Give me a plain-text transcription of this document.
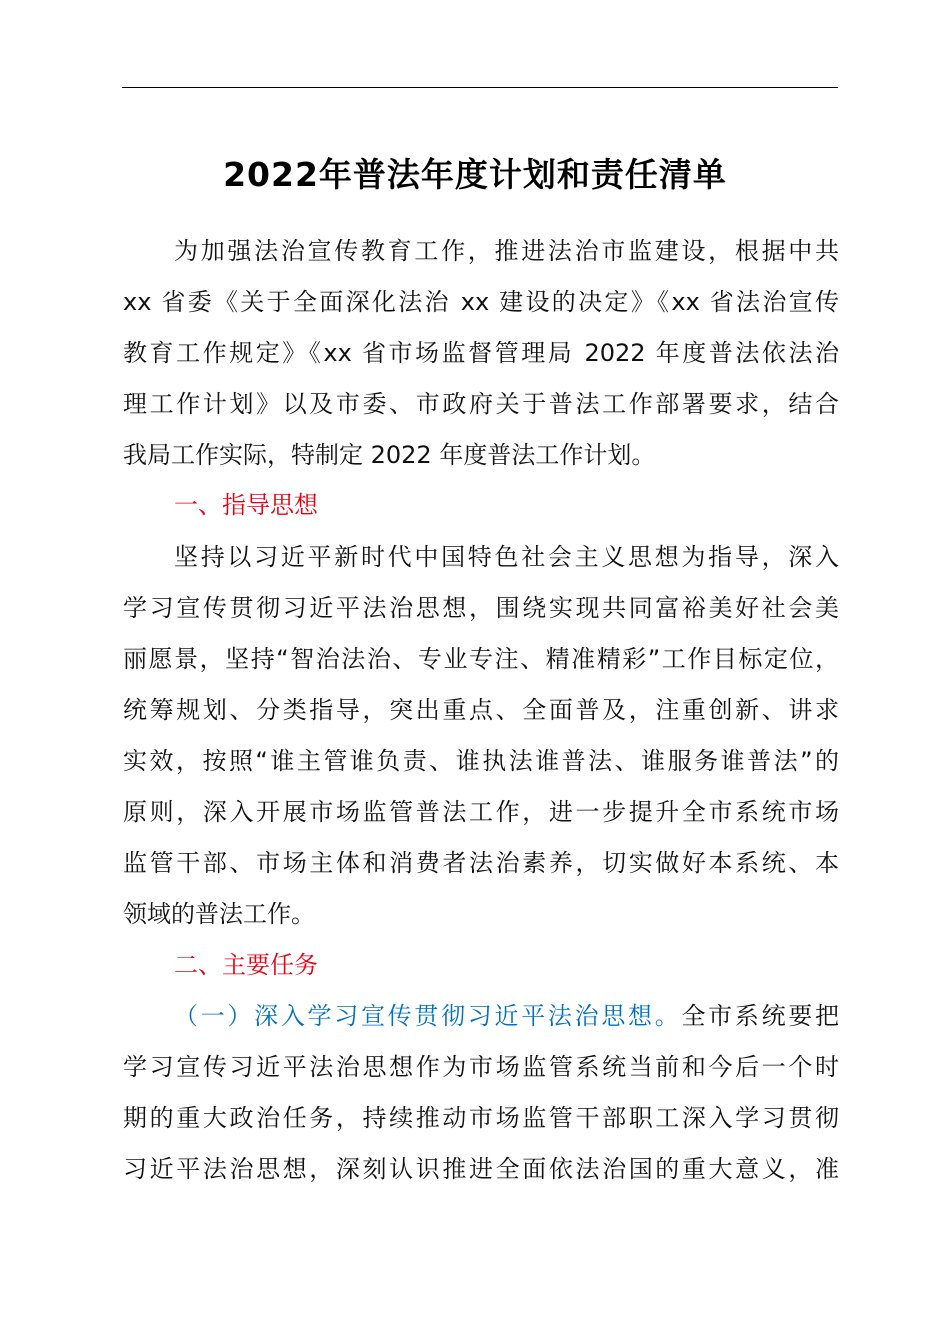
2022年普法年度计划和责任清单
为加强法治宣传教育工作，推进法治市监建设，根据中共
xx 省委《关于全面深化法治 xx 建设的决定》《xx 省法治宣传
教育工作规定》《xx 省市场监督管理局 2022 年度普法依法治
理工作计划》以及市委、市政府关于普法工作部署要求，结合
我局工作实际，特制定 2022 年度普法工作计划。
一、指导思想
坚持以习近平新时代中国特色社会主义思想为指导，深入
学习宣传贯彻习近平法治思想，围绕实现共同富裕美好社会美
丽愿景，坚持“智治法治、专业专注、精准精彩”工作目标定位，
统筹规划、分类指导，突出重点、全面普及，注重创新、讲求
实效，按照“谁主管谁负责、谁执法谁普法、谁服务谁普法”的
原则，深入开展市场监管普法工作，进一步提升全市系统市场
监管干部、市场主体和消费者法治素养，切实做好本系统、本
领域的普法工作。
二、主要任务
（一）深入学习宣传贯彻习近平法治思想。全市系统要把
学习宣传习近平法治思想作为市场监管系统当前和今后一个时
期的重大政治任务，持续推动市场监管干部职工深入学习贯彻
习近平法治思想，深刻认识推进全面依法治国的重大意义，准
